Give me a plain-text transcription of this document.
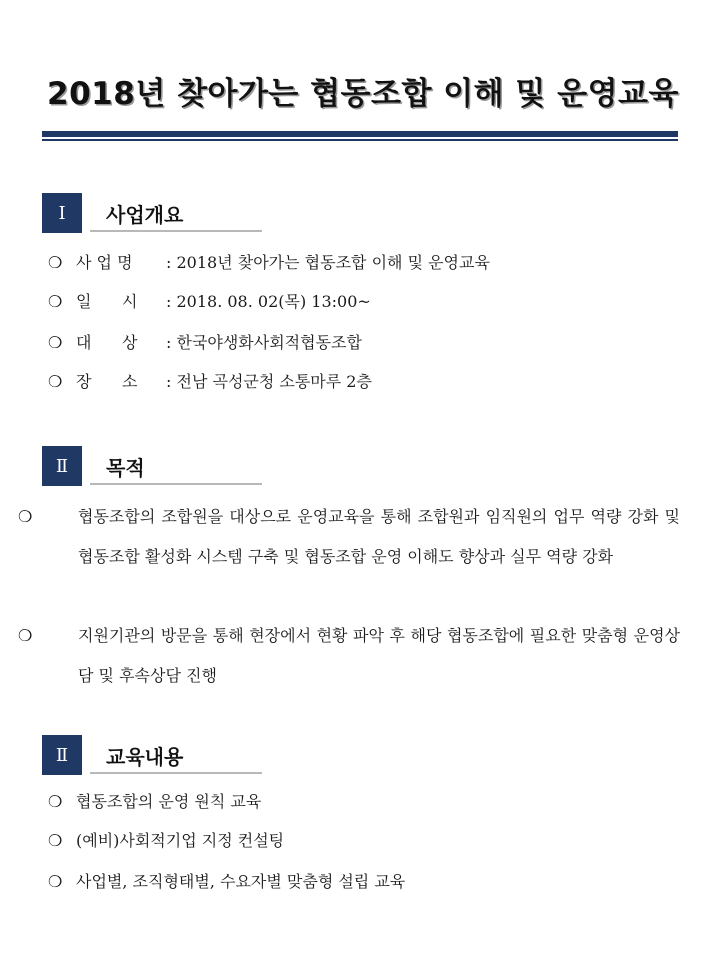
2018년 찾아가는 협동조합 이해 및 운영교육
Ⅰ	사업개요
❍ 사 업 명 : 2018년 찾아가는 협동조합 이해 및 운영교육
❍ 일      시 : 2018. 08. 02(목) 13:00~
❍ 대      상 : 한국야생화사회적협동조합
❍ 장      소 : 전남 곡성군청 소통마루 2층
Ⅱ	목적
❍	협동조합의 조합원을 대상으로 운영교육을 통해 조합원과 임직원의 업무 역량 강화 및 협동조합 활성화 시스템 구축 및 협동조합 운영 이해도 향상과 실무 역량 강화
❍	지원기관의 방문을 통해 현장에서 현황 파악 후 해당 협동조합에 필요한 맞춤형 운영상담 및 후속상담 진행
Ⅱ	교육내용
❍ 협동조합의 운영 원칙 교육
❍ (예비)사회적기업 지정 컨설팅
❍ 사업별, 조직형태별, 수요자별 맞춤형 설립 교육
